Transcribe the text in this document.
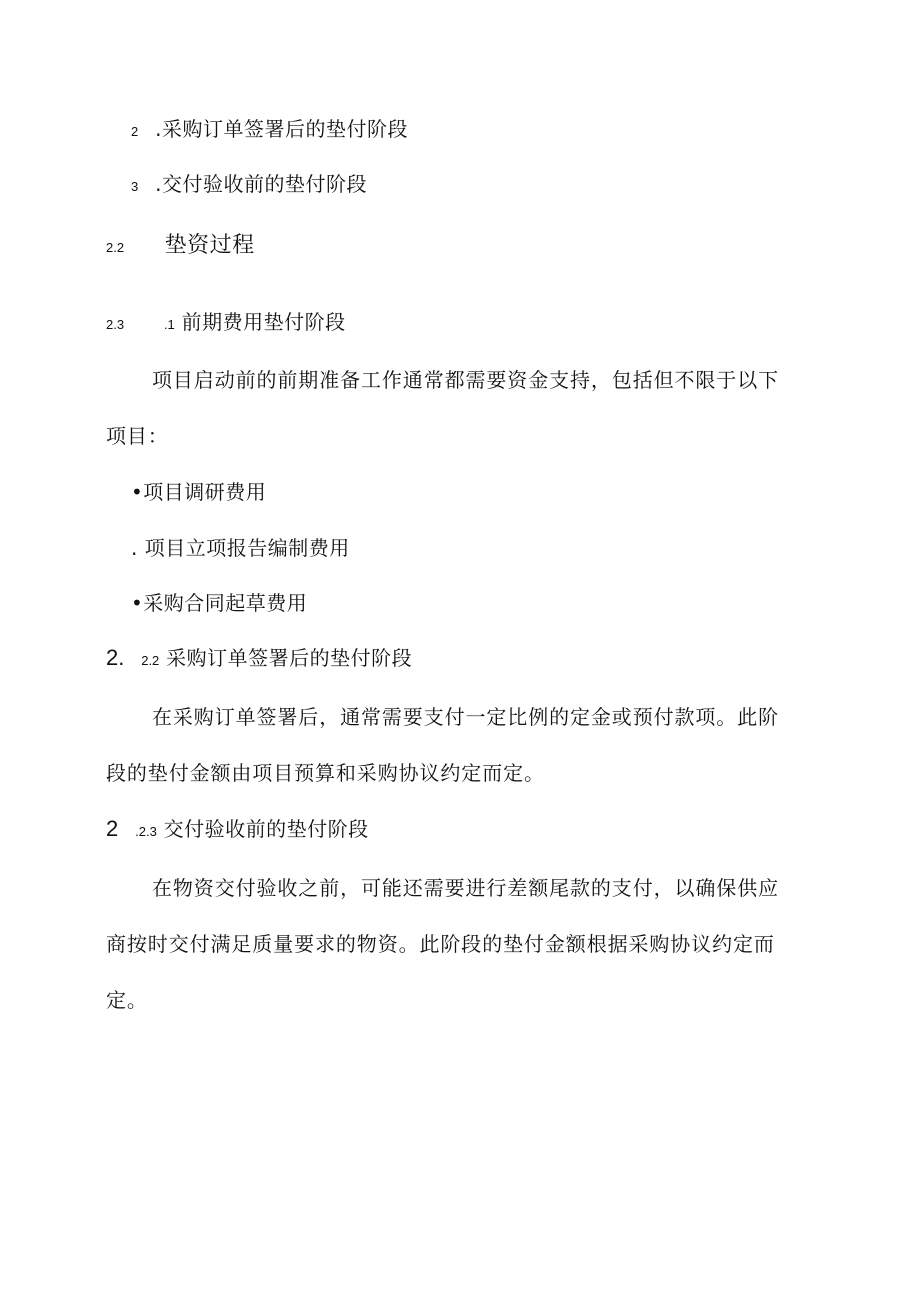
2 .采购订单签署后的垫付阶段
3 .交付验收前的垫付阶段
2.2 垫资过程
2.3	.1 前期费用垫付阶段
项目启动前的前期准备工作通常都需要资金支持，包括但不限于以下
项目：
•项目调研费用
. 项目立项报告编制费用
•采购合同起草费用
2. 2.2 采购订单签署后的垫付阶段
在采购订单签署后，通常需要支付一定比例的定金或预付款项。此阶
段的垫付金额由项目预算和采购协议约定而定。
2 .2.3 交付验收前的垫付阶段
在物资交付验收之前，可能还需要进行差额尾款的支付，以确保供应
商按时交付满足质量要求的物资。此阶段的垫付金额根据采购协议约定而
定。
